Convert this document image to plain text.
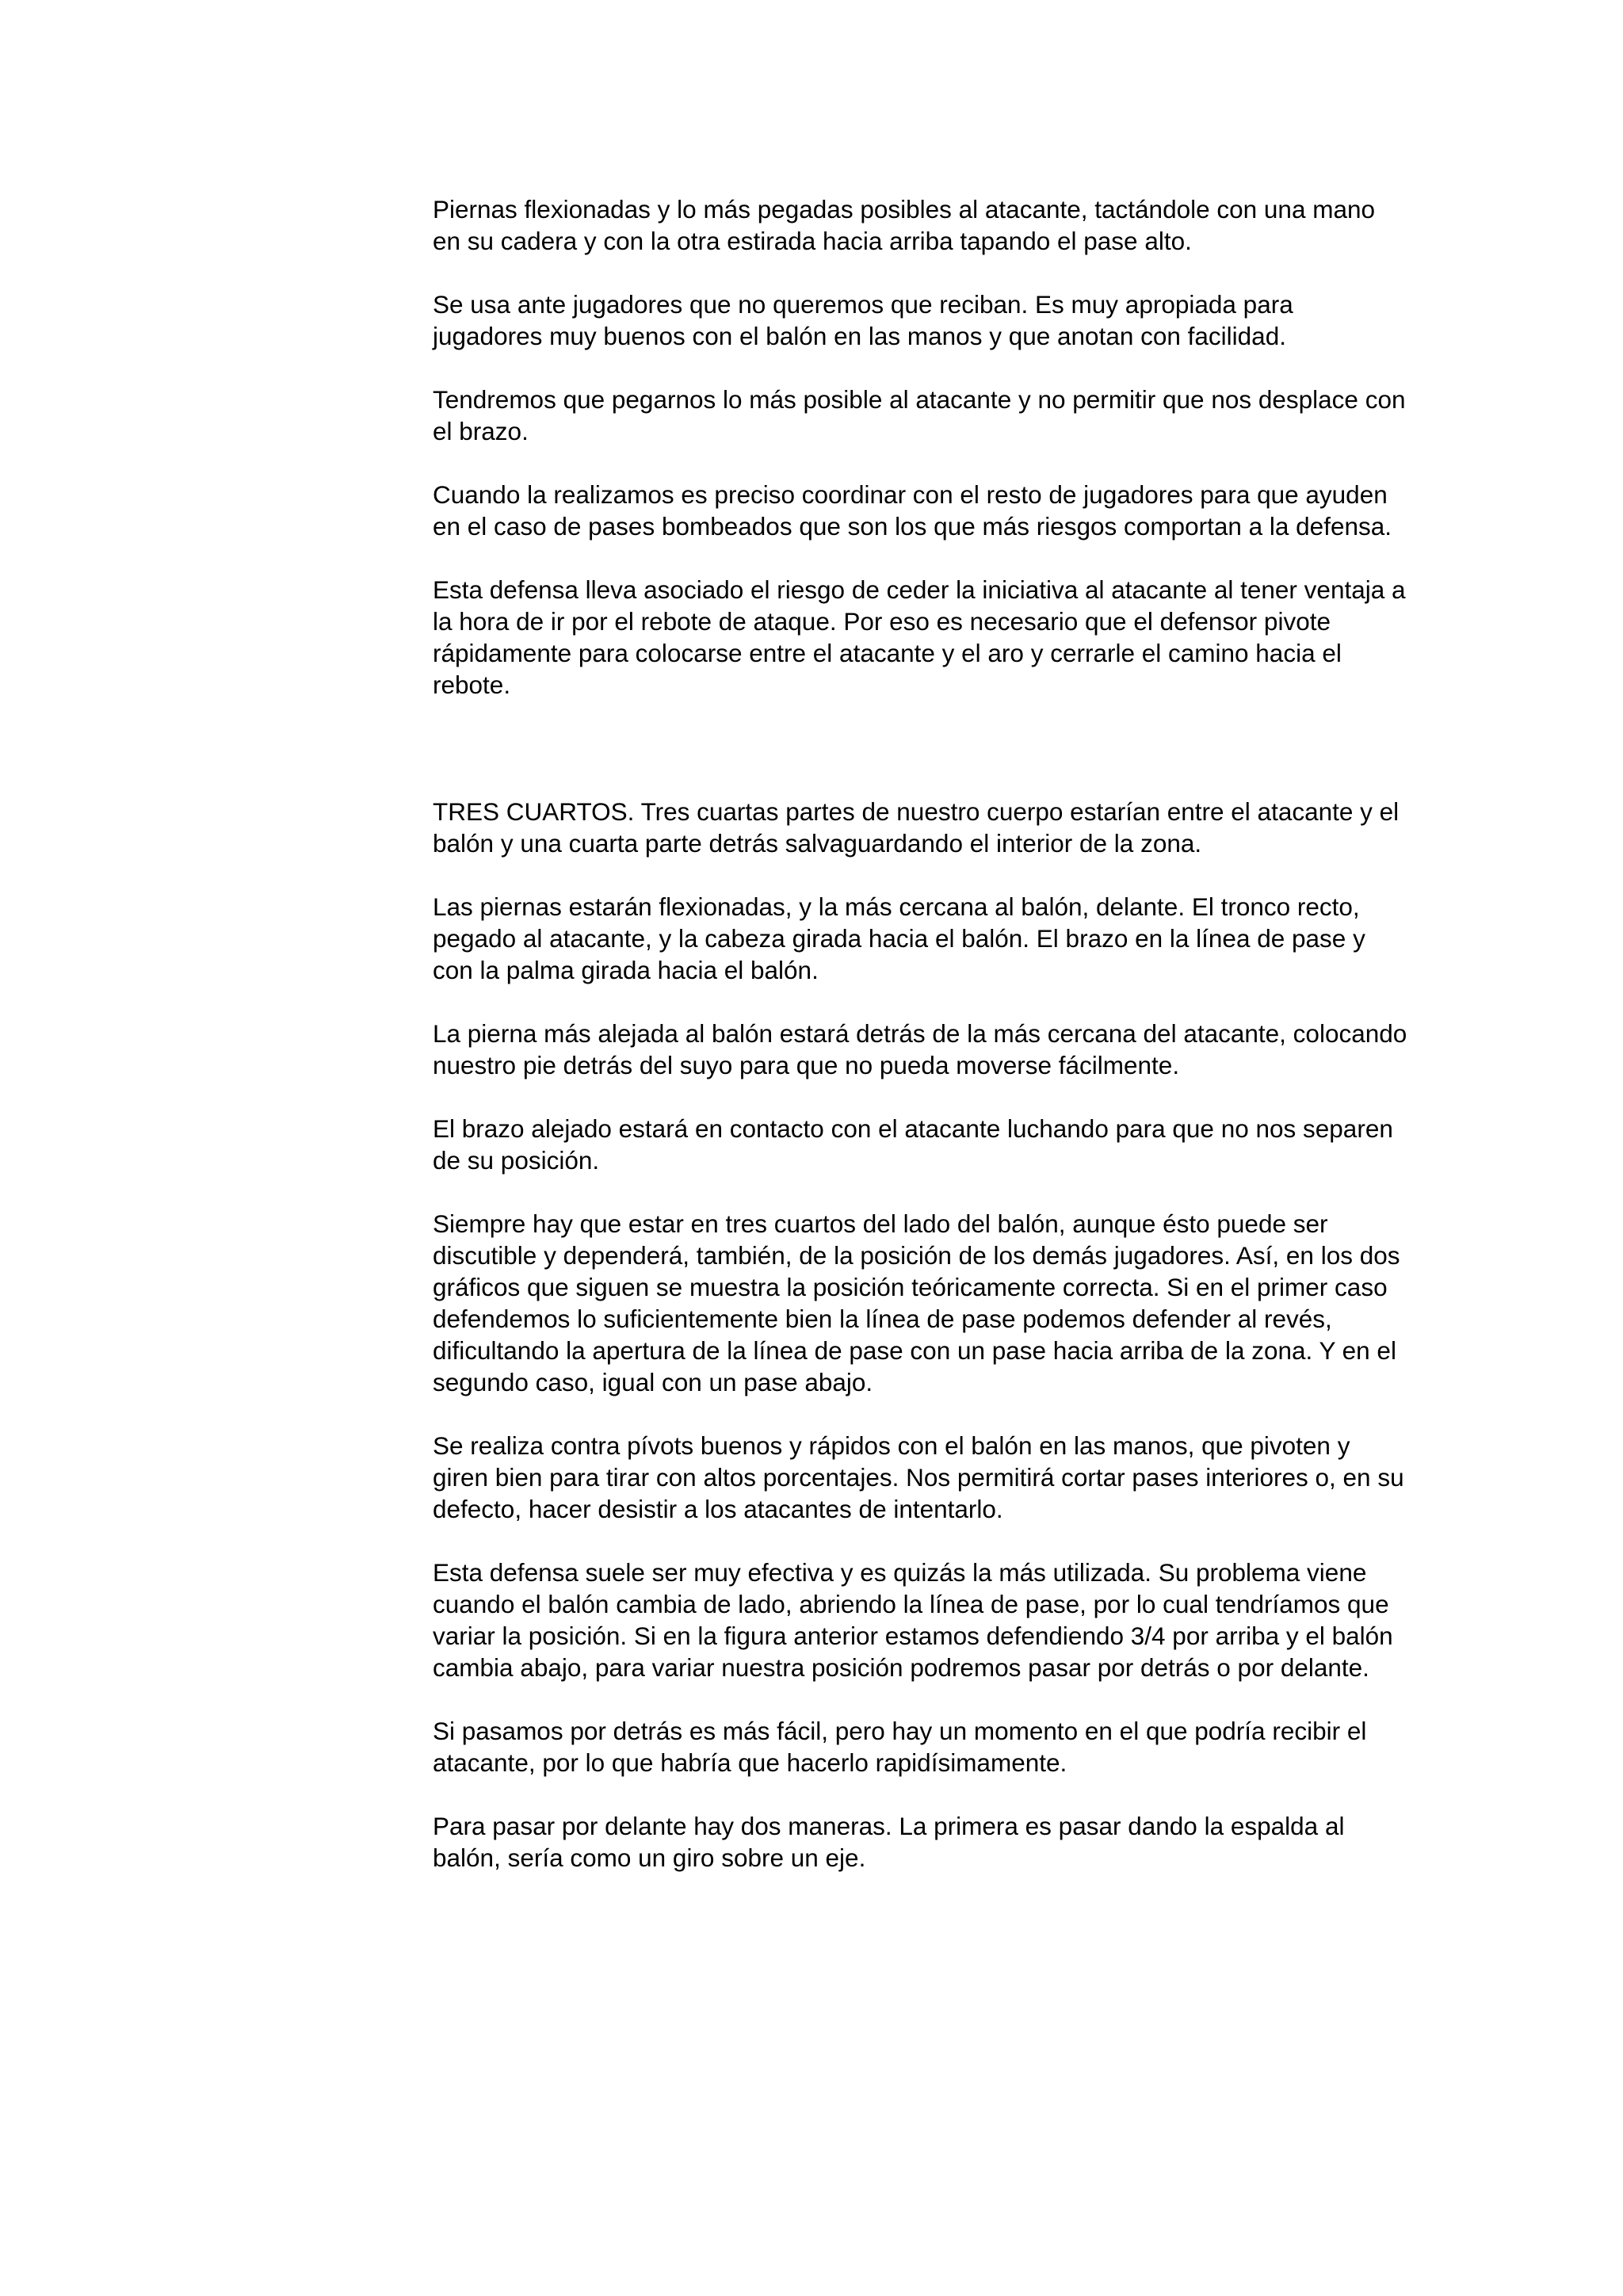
Piernas flexionadas y lo más pegadas posibles al atacante, tactándole con una mano en su cadera y con la otra estirada hacia arriba tapando el pase alto.

Se usa ante jugadores que no queremos que reciban. Es muy apropiada para jugadores muy buenos con el balón en las manos y que anotan con facilidad.

Tendremos que pegarnos lo más posible al atacante y no permitir que nos desplace con el brazo.

Cuando la realizamos es preciso coordinar con el resto de jugadores para que ayuden en el caso de pases bombeados que son los que más riesgos comportan a la defensa.

Esta defensa lleva asociado el riesgo de ceder la iniciativa al atacante al tener ventaja a la hora de ir por el rebote de ataque. Por eso es necesario que el defensor pivote rápidamente para colocarse entre el atacante y el aro y cerrarle el camino hacia el rebote.

TRES CUARTOS. Tres cuartas partes de nuestro cuerpo estarían entre el atacante y el balón y una cuarta parte detrás salvaguardando el interior de la zona.

Las piernas estarán flexionadas, y la más cercana al balón, delante. El tronco recto, pegado al atacante, y la cabeza girada hacia el balón. El brazo en la línea de pase y con la palma girada hacia el balón.

La pierna más alejada al balón estará detrás de la más cercana del atacante, colocando nuestro pie detrás del suyo para que no pueda moverse fácilmente.

El brazo alejado estará en contacto con el atacante luchando para que no nos separen de su posición.

Siempre hay que estar en tres cuartos del lado del balón, aunque ésto puede ser discutible y dependerá, también, de la posición de los demás jugadores. Así, en los dos gráficos que siguen se muestra la posición teóricamente correcta. Si en el primer caso defendemos lo suficientemente bien la línea de pase podemos defender al revés, dificultando la apertura de la línea de pase con un pase hacia arriba de la zona. Y en el segundo caso, igual con un pase abajo.

Se realiza contra pívots buenos y rápidos con el balón en las manos, que pivoten y giren bien para tirar con altos porcentajes. Nos permitirá cortar pases interiores o, en su defecto, hacer desistir a los atacantes de intentarlo.

Esta defensa suele ser muy efectiva y es quizás la más utilizada. Su problema viene cuando el balón cambia de lado, abriendo la línea de pase, por lo cual tendríamos que variar la posición. Si en la figura anterior estamos defendiendo 3/4 por arriba y el balón cambia abajo, para variar nuestra posición podremos pasar por detrás o por delante.

Si pasamos por detrás es más fácil, pero hay un momento en el que podría recibir el atacante, por lo que habría que hacerlo rapidísimamente.

Para pasar por delante hay dos maneras. La primera es pasar dando la espalda al balón, sería como un giro sobre un eje.
